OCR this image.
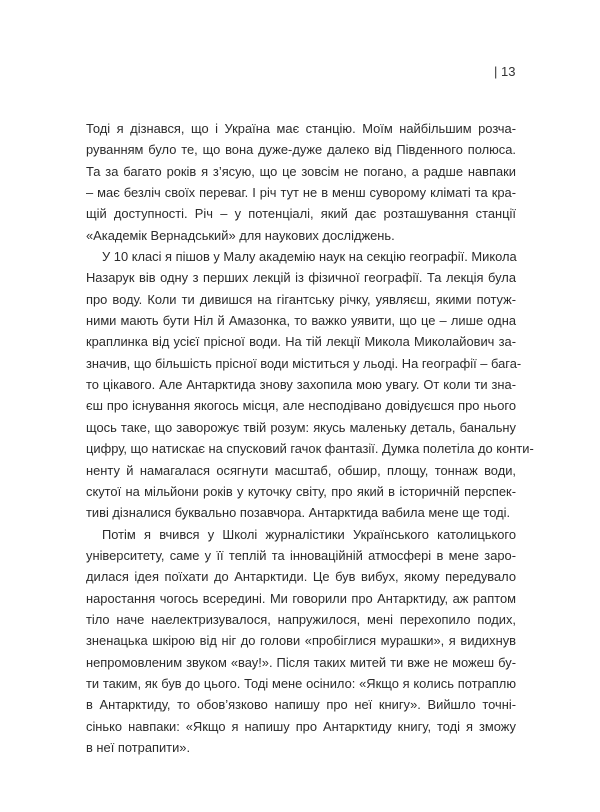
| 13
Тоді я дізнався, що і Україна має станцію. Моїм найбільшим розча-
руванням було те, що вона дуже-дуже далеко від Південного полюса.
Та за багато років я з’ясую, що це зовсім не погано, а радше навпаки
– має безліч своїх переваг. І річ тут не в менш суворому кліматі та кра-
щій доступності. Річ – у потенціалі, який дає розташування станції
«Академік Вернадський» для наукових досліджень.
У 10 класі я пішов у Малу академію наук на секцію географії. Микола
Назарук вів одну з перших лекцій із фізичної географії. Та лекція була
про воду. Коли ти дивишся на гігантську річку, уявляєш, якими потуж-
ними мають бути Ніл й Амазонка, то важко уявити, що це – лише одна
краплинка від усієї прісної води. На тій лекції Микола Миколайович за-
значив, що більшість прісної води міститься у льоді. На географії – бага-
то цікавого. Але Антарктида знову захопила мою увагу. От коли ти зна-
єш про існування якогось місця, але несподівано довідуєшся про нього
щось таке, що заворожує твій розум: якусь маленьку деталь, банальну
цифру, що натискає на спусковий гачок фантазії. Думка полетіла до конти-
ненту й намагалася осягнути масштаб, обшир, площу, тоннаж води,
скутої на мільйони років у куточку світу, про який в історичній перспек-
тиві дізналися буквально позавчора. Антарктида вабила мене ще тоді.
Потім я вчився у Школі журналістики Українського католицького
університету, саме у її теплій та інноваційній атмосфері в мене заро-
дилася ідея поїхати до Антарктиди. Це був вибух, якому передувало
наростання чогось всередині. Ми говорили про Антарктиду, аж раптом
тіло наче наелектризувалося, напружилося, мені перехопило подих,
зненацька шкірою від ніг до голови «пробіглися мурашки», я видихнув
непромовленим звуком «вау!». Після таких митей ти вже не можеш бу-
ти таким, як був до цього. Тоді мене осінило: «Якщо я колись потраплю
в Антарктиду, то обов’язково напишу про неї книгу». Вийшло точні-
сінько навпаки: «Якщо я напишу про Антарктиду книгу, тоді я зможу
в неї потрапити».
